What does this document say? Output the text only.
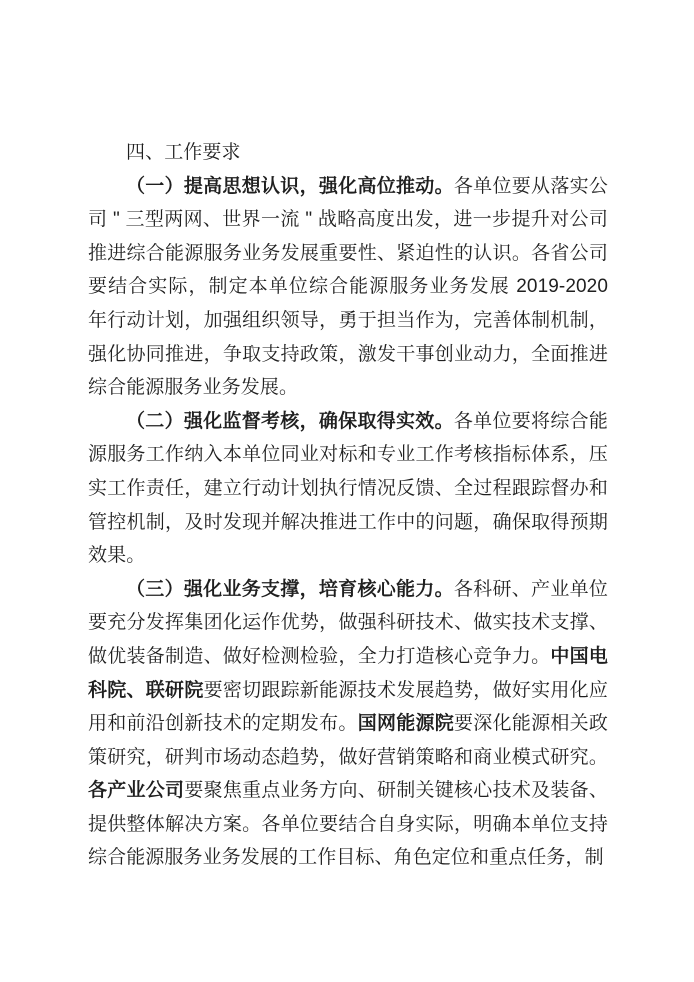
四、工作要求

（一）提高思想认识，强化高位推动。各单位要从落实公司 " 三型两网、世界一流 " 战略高度出发，进一步提升对公司推进综合能源服务业务发展重要性、紧迫性的认识。各省公司要结合实际，制定本单位综合能源服务业务发展 2019-2020 年行动计划，加强组织领导，勇于担当作为，完善体制机制，强化协同推进，争取支持政策，激发干事创业动力，全面推进综合能源服务业务发展。

（二）强化监督考核，确保取得实效。各单位要将综合能源服务工作纳入本单位同业对标和专业工作考核指标体系，压实工作责任，建立行动计划执行情况反馈、全过程跟踪督办和管控机制，及时发现并解决推进工作中的问题，确保取得预期效果。

（三）强化业务支撑，培育核心能力。各科研、产业单位要充分发挥集团化运作优势，做强科研技术、做实技术支撑、做优装备制造、做好检测检验，全力打造核心竞争力。中国电科院、联研院要密切跟踪新能源技术发展趋势，做好实用化应用和前沿创新技术的定期发布。国网能源院要深化能源相关政策研究，研判市场动态趋势，做好营销策略和商业模式研究。各产业公司要聚焦重点业务方向、研制关键核心技术及装备、提供整体解决方案。各单位要结合自身实际，明确本单位支持综合能源服务业务发展的工作目标、角色定位和重点任务，制
